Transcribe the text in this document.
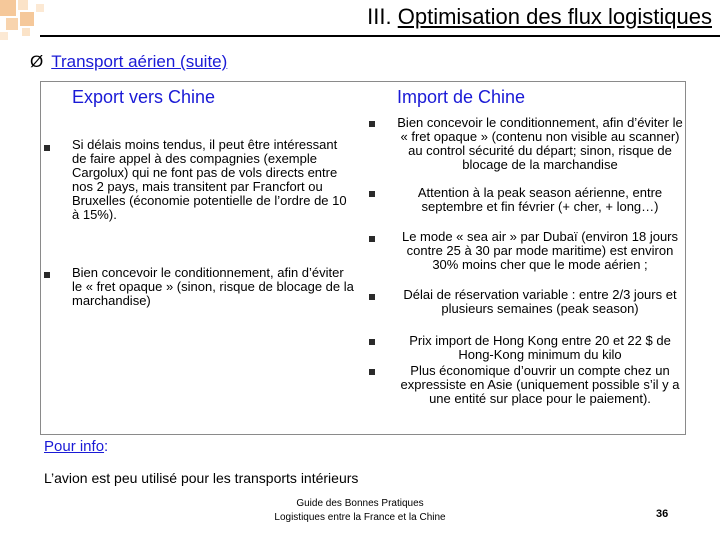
III. Optimisation des flux logistiques
Ø Transport aérien (suite)
Export vers Chine	Import de Chine
Si délais moins tendus, il peut être intéressant de faire appel à des compagnies (exemple Cargolux) qui ne font pas de vols directs entre nos 2 pays, mais transitent par Francfort ou Bruxelles (économie potentielle de l’ordre de 10 à 15%).
Bien concevoir le conditionnement, afin d’éviter le « fret opaque » (sinon, risque de blocage de la marchandise)
Bien concevoir le conditionnement, afin d’éviter le « fret opaque » (contenu non visible au scanner) au control sécurité du départ; sinon, risque de blocage de la marchandise
Attention à la peak season aérienne, entre septembre et fin février (+ cher, + long…)
Le mode « sea air » par Dubaï (environ 18 jours contre 25 à 30 par mode maritime) est environ 30% moins cher que le mode aérien ;
Délai de réservation variable : entre 2/3 jours et plusieurs semaines (peak season)
Prix import de Hong Kong entre 20 et 22 $ de Hong-Kong minimum du kilo
Plus économique d’ouvrir un compte chez un expressiste en Asie (uniquement possible s’il y a une entité sur place pour le paiement).
Pour info:
L’avion est peu utilisé pour les transports intérieurs
Guide des Bonnes Pratiques
Logistiques entre la France et la Chine	36
